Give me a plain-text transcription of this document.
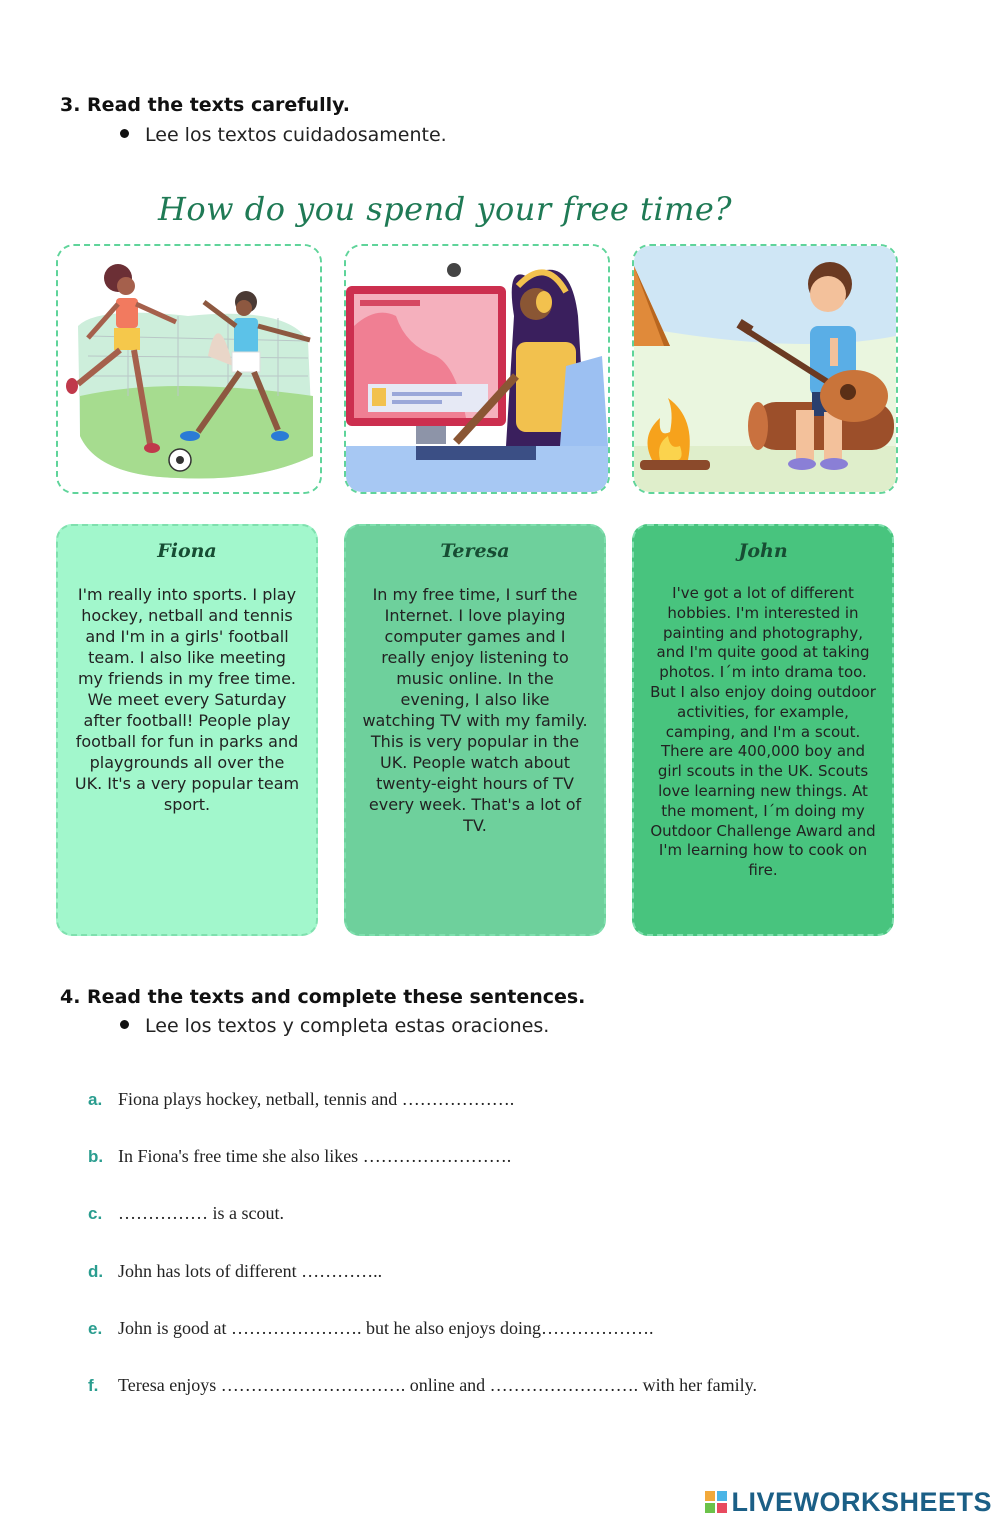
3. Read the texts carefully.
Lee los textos cuidadosamente.
How do you spend your free time?
Fiona
I'm really into sports. I play hockey, netball and tennis and I'm in a girls' football team. I also like meeting my friends in my free time. We meet every Saturday after football! People play football for fun in parks and playgrounds all over the UK. It's a very popular team sport.
Teresa
In my free time, I surf the Internet. I love playing computer games and I really enjoy listening to music online. In the evening, I also like watching TV with my family. This is very popular in the UK. People watch about twenty-eight hours of TV every week. That's a lot of TV.
John
I've got a lot of different hobbies. I'm interested in painting and photography, and I'm quite good at taking photos. I´m into drama too. But I also enjoy doing outdoor activities, for example, camping, and I'm a scout. There are 400,000 boy and girl scouts in the UK. Scouts love learning new things. At the moment, I´m doing my Outdoor Challenge Award and I'm learning how to cook on fire.
4. Read the texts and complete these sentences.
Lee los textos y completa estas oraciones.
a. Fiona plays hockey, netball, tennis and ……………….
b. In Fiona's free time she also likes …………………….
c. …………… is a scout.
d. John has lots of different …………..
e. John is good at …………………. but he also enjoys doing……………….
f. Teresa enjoys …………………………. online and ……………………. with her family.
LIVEWORKSHEETS
